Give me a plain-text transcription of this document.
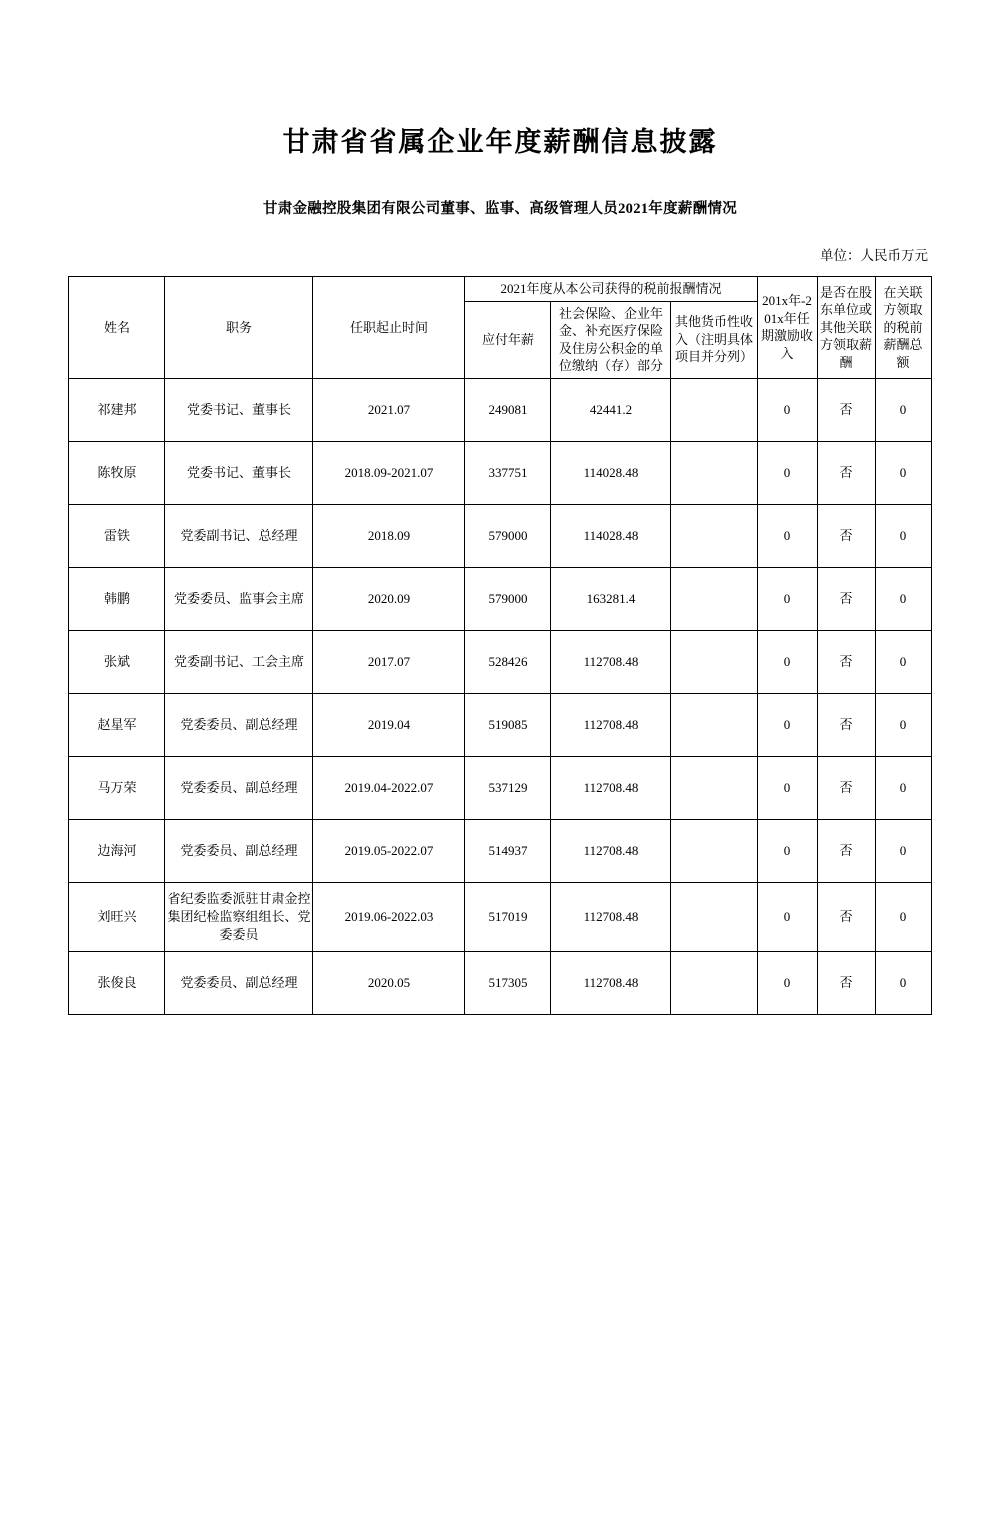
甘肃省省属企业年度薪酬信息披露
甘肃金融控股集团有限公司董事、监事、高级管理人员2021年度薪酬情况
单位：人民币万元
姓名	职务	任职起止时间	2021年度从本公司获得的税前报酬情况			201x年-201x年任期激励收入	是否在股东单位或其他关联方领取薪酬	在关联方领取的税前薪酬总额
			应付年薪	社会保险、企业年金、补充医疗保险及住房公积金的单位缴纳（存）部分	其他货币性收入（注明具体项目并分列）			
祁建邦	党委书记、董事长	2021.07	249081	42441.2		0	否	0
陈牧原	党委书记、董事长	2018.09-2021.07	337751	114028.48		0	否	0
雷铁	党委副书记、总经理	2018.09	579000	114028.48		0	否	0
韩鹏	党委委员、监事会主席	2020.09	579000	163281.4		0	否	0
张斌	党委副书记、工会主席	2017.07	528426	112708.48		0	否	0
赵星军	党委委员、副总经理	2019.04	519085	112708.48		0	否	0
马万荣	党委委员、副总经理	2019.04-2022.07	537129	112708.48		0	否	0
边海河	党委委员、副总经理	2019.05-2022.07	514937	112708.48		0	否	0
刘旺兴	省纪委监委派驻甘肃金控集团纪检监察组组长、党委委员	2019.06-2022.03	517019	112708.48		0	否	0
张俊良	党委委员、副总经理	2020.05	517305	112708.48		0	否	0
